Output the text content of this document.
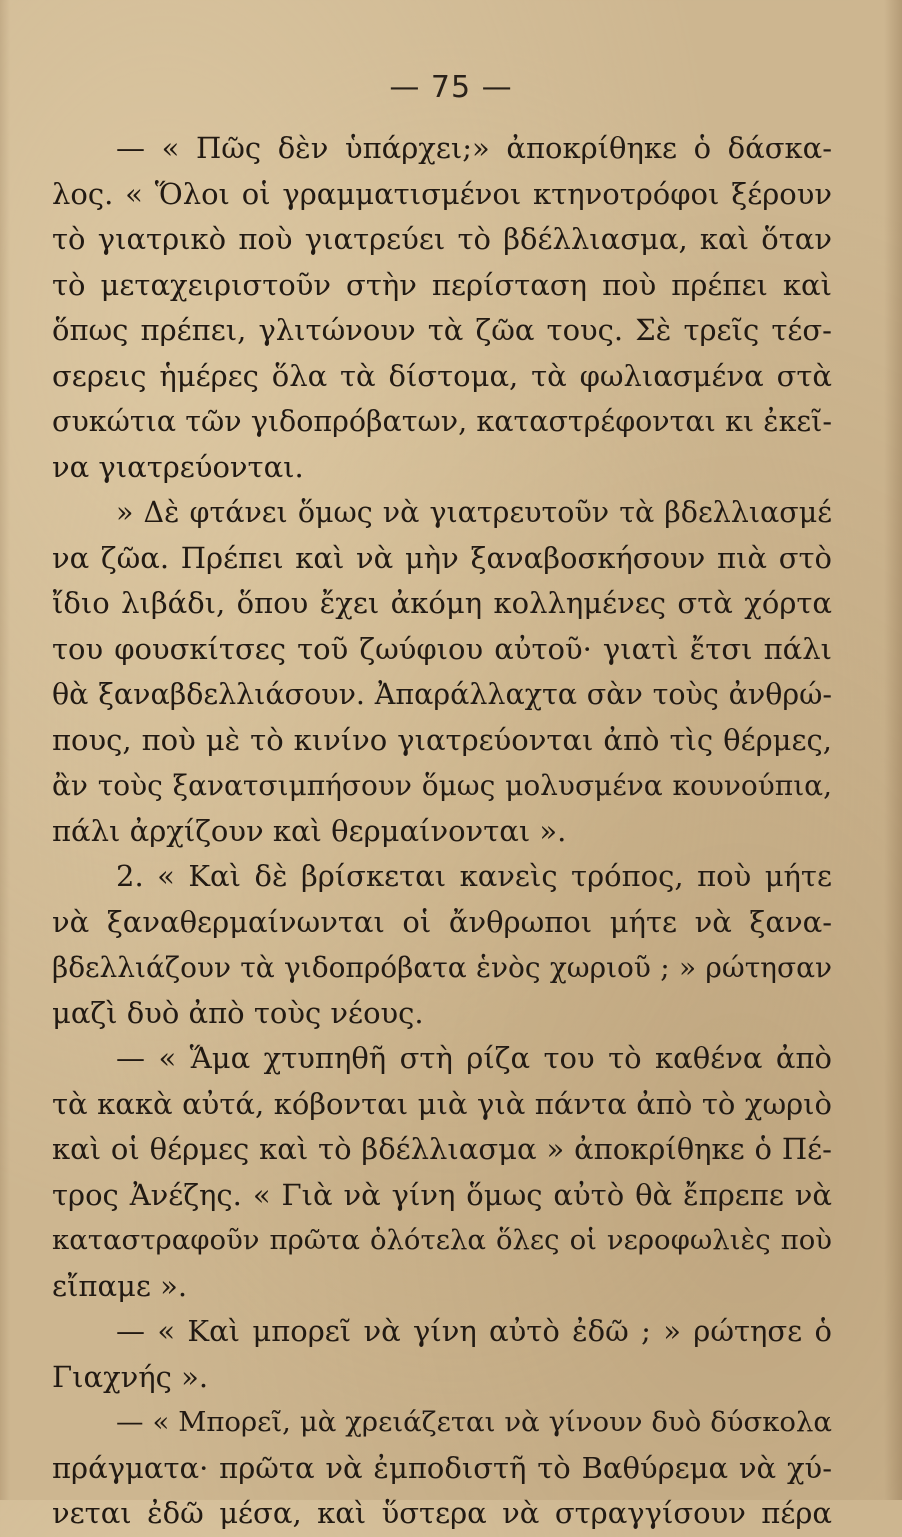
— 75 —
— « Πῶς δὲν ὑπάρχει;» ἀποκρίθηκε ὁ δάσκα-
λος. « Ὅλοι οἱ γραμματισμένοι κτηνοτρόφοι ξέρουν
τὸ γιατρικὸ ποὺ γιατρεύει τὸ βδέλλιασμα, καὶ ὅταν
τὸ μεταχειριστοῦν στὴν περίσταση ποὺ πρέπει καὶ
ὅπως πρέπει, γλιτώνουν τὰ ζῶα τους. Σὲ τρεῖς τέσ-
σερεις ἡμέρες ὅλα τὰ δίστομα, τὰ φωλιασμένα στὰ
συκώτια τῶν γιδοπρόβατων, καταστρέφονται κι ἐκεῖ-
να γιατρεύονται.
» Δὲ φτάνει ὅμως νὰ γιατρευτοῦν τὰ βδελλιασμέ
να ζῶα. Πρέπει καὶ νὰ μὴν ξαναβοσκήσουν πιὰ στὸ
ἴδιο λιβάδι, ὅπου ἔχει ἀκόμη κολλημένες στὰ χόρτα
του φουσκίτσες τοῦ ζωύφιου αὐτοῦ· γιατὶ ἔτσι πάλι
θὰ ξαναβδελλιάσουν. Ἀπαράλλαχτα σὰν τοὺς ἀνθρώ-
πους, ποὺ μὲ τὸ κινίνο γιατρεύονται ἀπὸ τὶς θέρμες,
ἂν τοὺς ξανατσιμπήσουν ὅμως μολυσμένα κουνούπια,
πάλι ἀρχίζουν καὶ θερμαίνονται ».
2. « Καὶ δὲ βρίσκεται κανεὶς τρόπος, ποὺ μήτε
νὰ ξαναθερμαίνωνται οἱ ἄνθρωποι μήτε νὰ ξανα-
βδελλιάζουν τὰ γιδοπρόβατα ἑνὸς χωριοῦ ; » ρώτησαν
μαζὶ δυὸ ἀπὸ τοὺς νέους.
— « Ἅμα χτυπηθῆ στὴ ρίζα του τὸ καθένα ἀπὸ
τὰ κακὰ αὐτά, κόβονται μιὰ γιὰ πάντα ἀπὸ τὸ χωριὸ
καὶ οἱ θέρμες καὶ τὸ βδέλλιασμα » ἀποκρίθηκε ὁ Πέ-
τρος Ἀνέζης. « Γιὰ νὰ γίνη ὅμως αὐτὸ θὰ ἔπρεπε νὰ
καταστραφοῦν πρῶτα ὁλότελα ὅλες οἱ νεροφωλιὲς ποὺ
εἴπαμε ».
— « Καὶ μπορεῖ νὰ γίνη αὐτὸ ἐδῶ ; » ρώτησε ὁ
Γιαχνής ».
— « Μπορεῖ, μὰ χρειάζεται νὰ γίνουν δυὸ δύσκολα
πράγματα· πρῶτα νὰ ἐμποδιστῆ τὸ Βαθύρεμα νὰ χύ-
νεται ἐδῶ μέσα, καὶ ὕστερα νὰ στραγγίσουν πέρα
